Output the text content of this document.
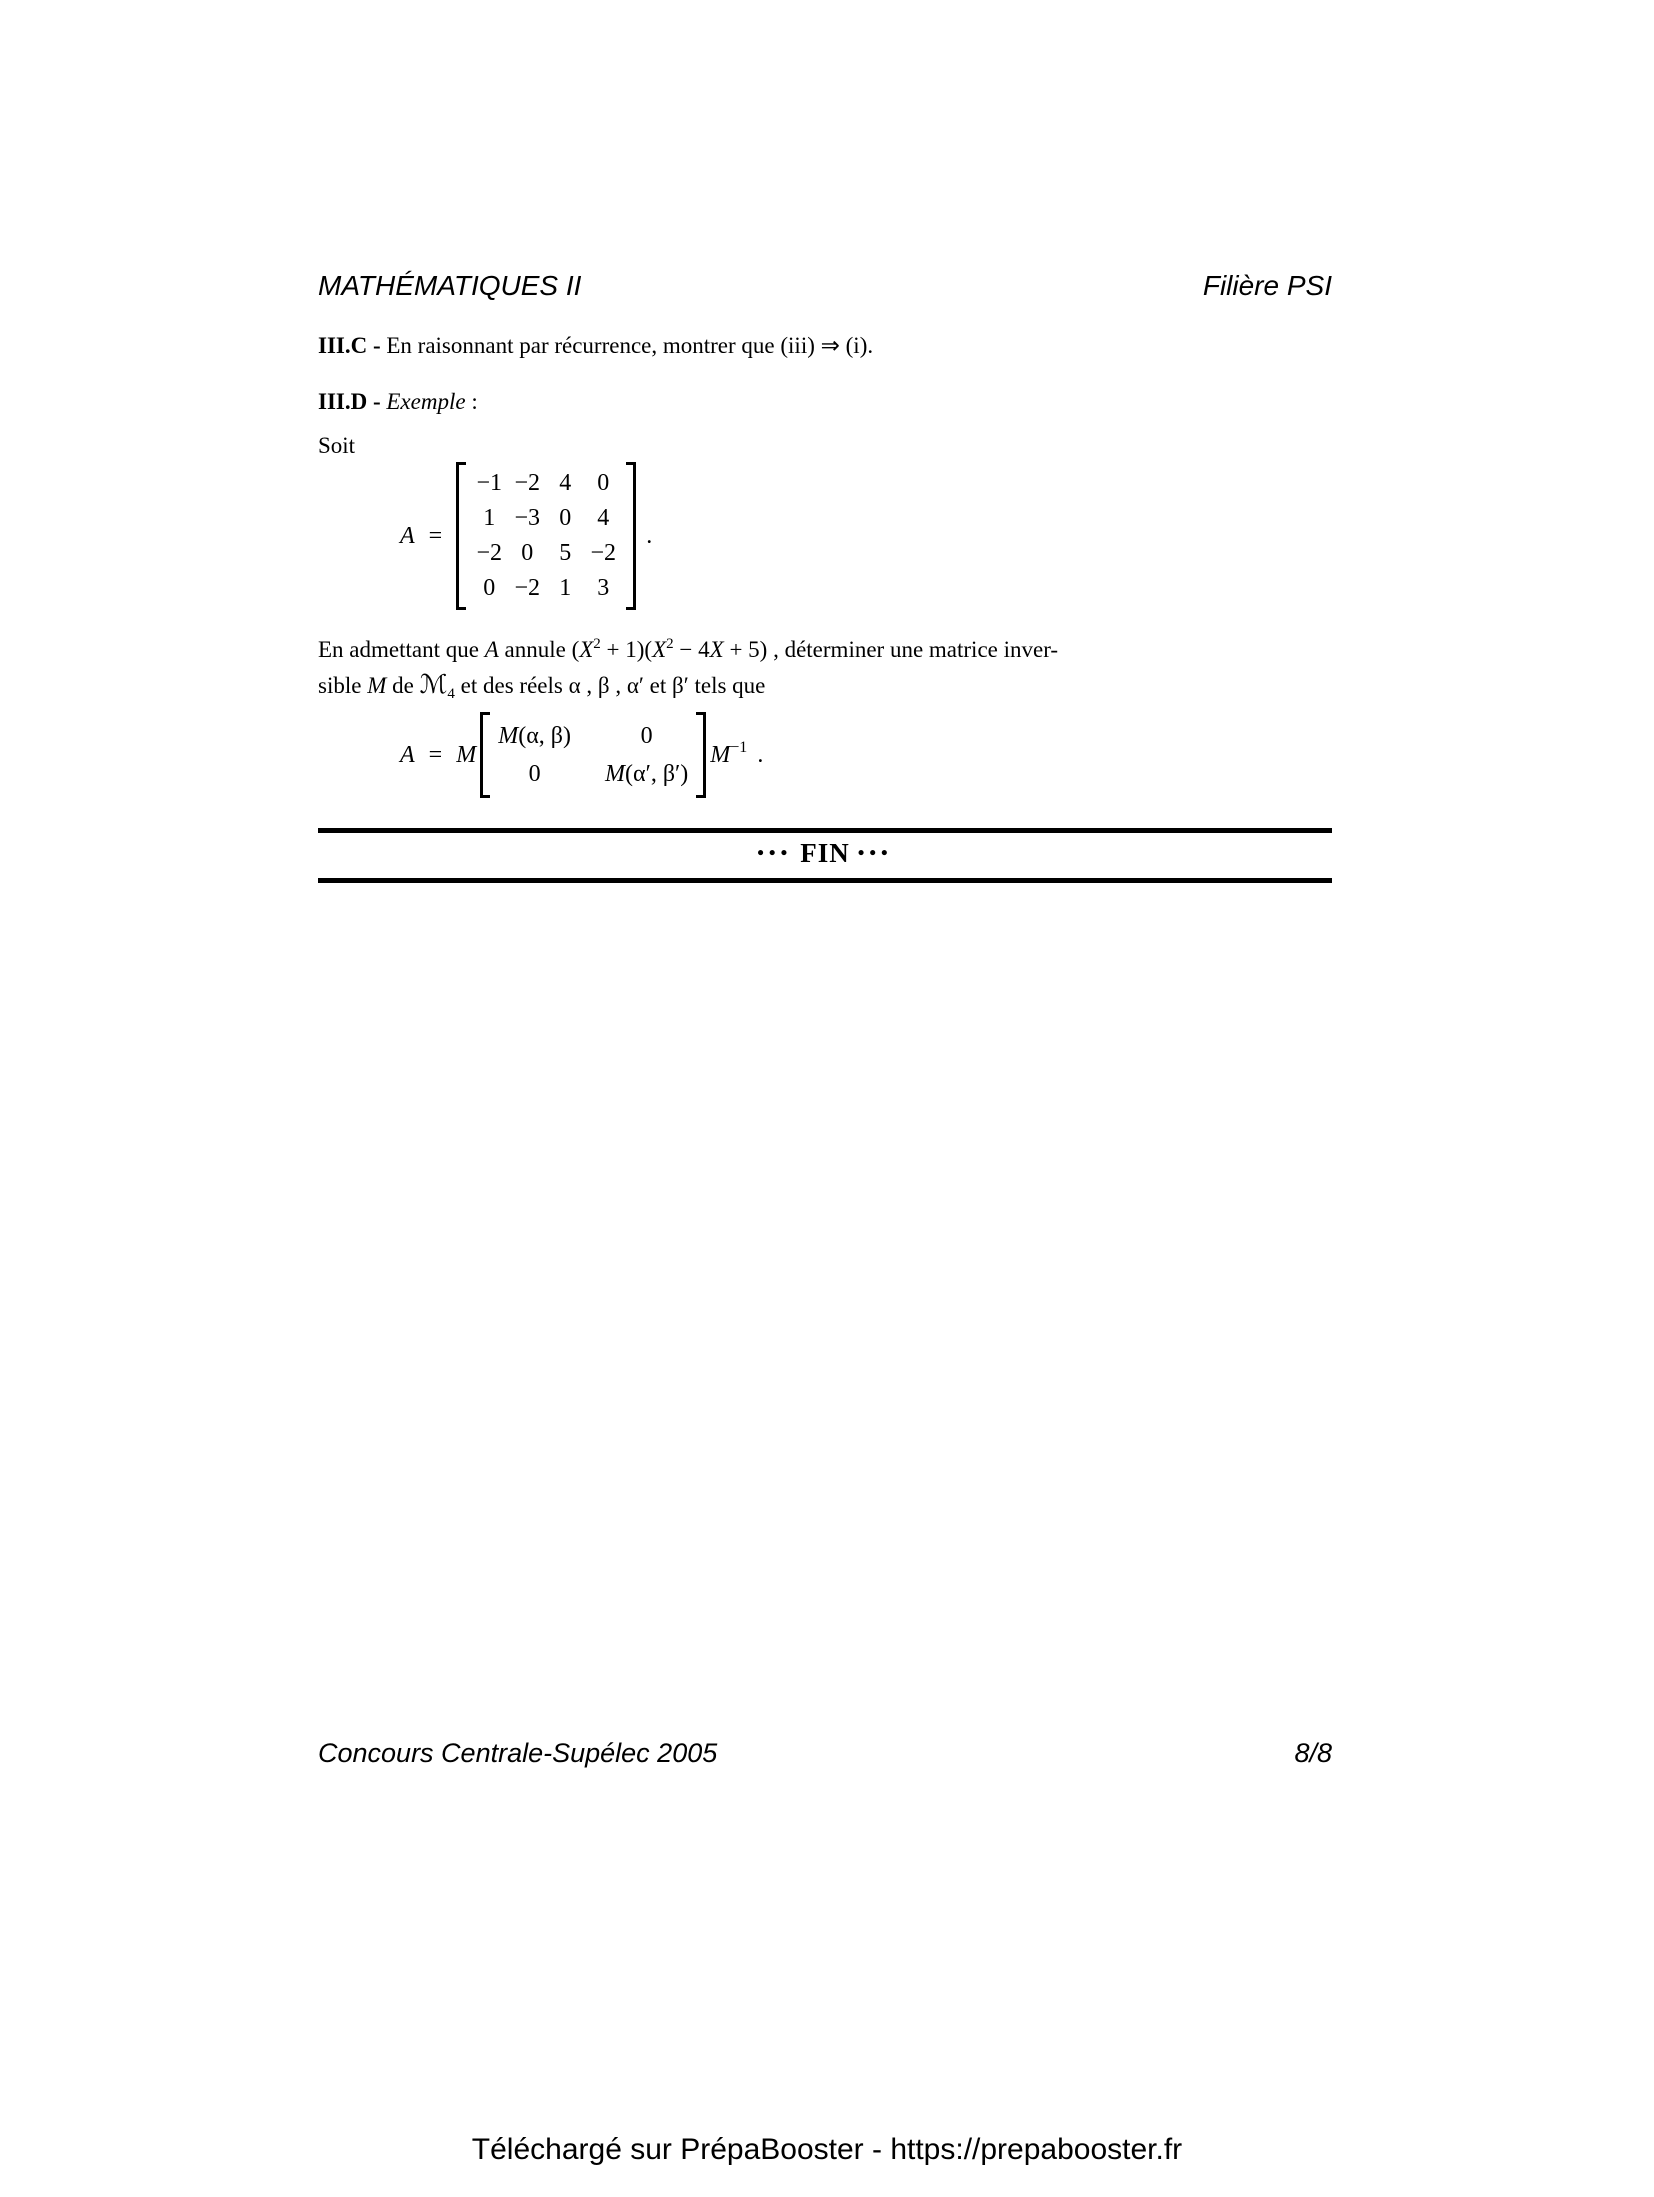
MATHÉMATIQUES II	Filière PSI
III.C - En raisonnant par récurrence, montrer que (iii) ⇒ (i).
III.D - Exemple :
Soit
A =
−1 −2 4 0
1 −3 0 4
−2 0 5 −2
0 −2 1 3
.
En admettant que A annule $(X^2 + 1)(X^2 - 4X + 5)$ , déterminer une matrice inver-
sible M de ℳ$_4$ et des réels α , β , α′ et β′ tels que
A = M
M(α, β)	0
0	M(α′, β′)
$M^{-1}$ .
••• FIN •••
Concours Centrale-Supélec 2005	8/8
Téléchargé sur PrépaBooster - https://prepabooster.fr
